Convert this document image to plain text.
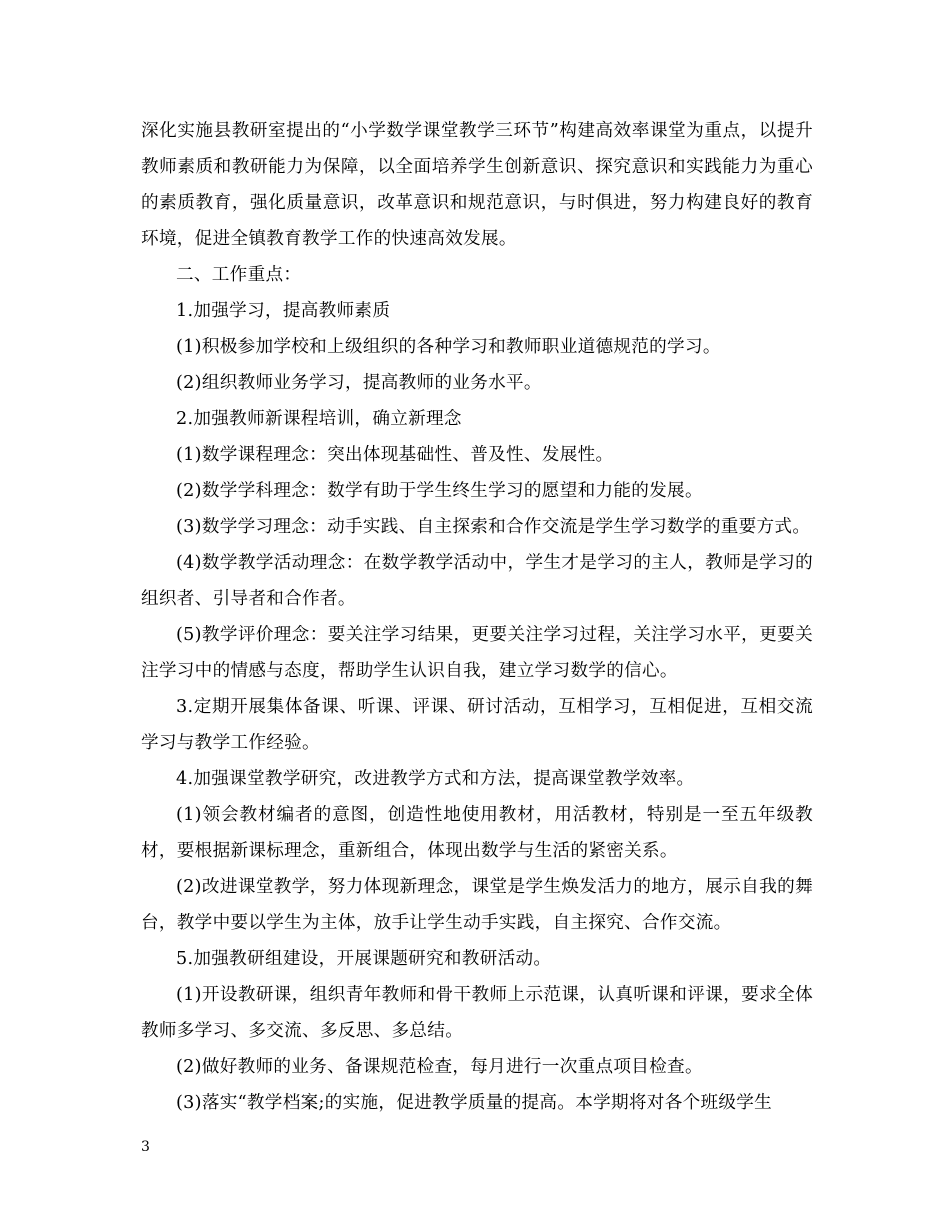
深化实施县教研室提出的“小学数学课堂教学三环节”构建高效率课堂为重点，以提升教师素质和教研能力为保障，以全面培养学生创新意识、探究意识和实践能力为重心的素质教育，强化质量意识，改革意识和规范意识，与时俱进，努力构建良好的教育环境，促进全镇教育教学工作的快速高效发展。

二、工作重点：

1.加强学习，提高教师素质

(1)积极参加学校和上级组织的各种学习和教师职业道德规范的学习。

(2)组织教师业务学习，提高教师的业务水平。

2.加强教师新课程培训，确立新理念

(1)数学课程理念：突出体现基础性、普及性、发展性。

(2)数学学科理念：数学有助于学生终生学习的愿望和力能的发展。

(3)数学学习理念：动手实践、自主探索和合作交流是学生学习数学的重要方式。

(4)数学教学活动理念：在数学教学活动中，学生才是学习的主人，教师是学习的组织者、引导者和合作者。

(5)教学评价理念：要关注学习结果，更要关注学习过程，关注学习水平，更要关注学习中的情感与态度，帮助学生认识自我，建立学习数学的信心。

3.定期开展集体备课、听课、评课、研讨活动，互相学习，互相促进，互相交流学习与教学工作经验。

4.加强课堂教学研究，改进教学方式和方法，提高课堂教学效率。

(1)领会教材编者的意图，创造性地使用教材，用活教材，特别是一至五年级教材，要根据新课标理念，重新组合，体现出数学与生活的紧密关系。

(2)改进课堂教学，努力体现新理念，课堂是学生焕发活力的地方，展示自我的舞台，教学中要以学生为主体，放手让学生动手实践，自主探究、合作交流。

5.加强教研组建设，开展课题研究和教研活动。

(1)开设教研课，组织青年教师和骨干教师上示范课，认真听课和评课，要求全体教师多学习、多交流、多反思、多总结。

(2)做好教师的业务、备课规范检查，每月进行一次重点项目检查。

(3)落实“教学档案;的实施，促进教学质量的提高。本学期将对各个班级学生

3
